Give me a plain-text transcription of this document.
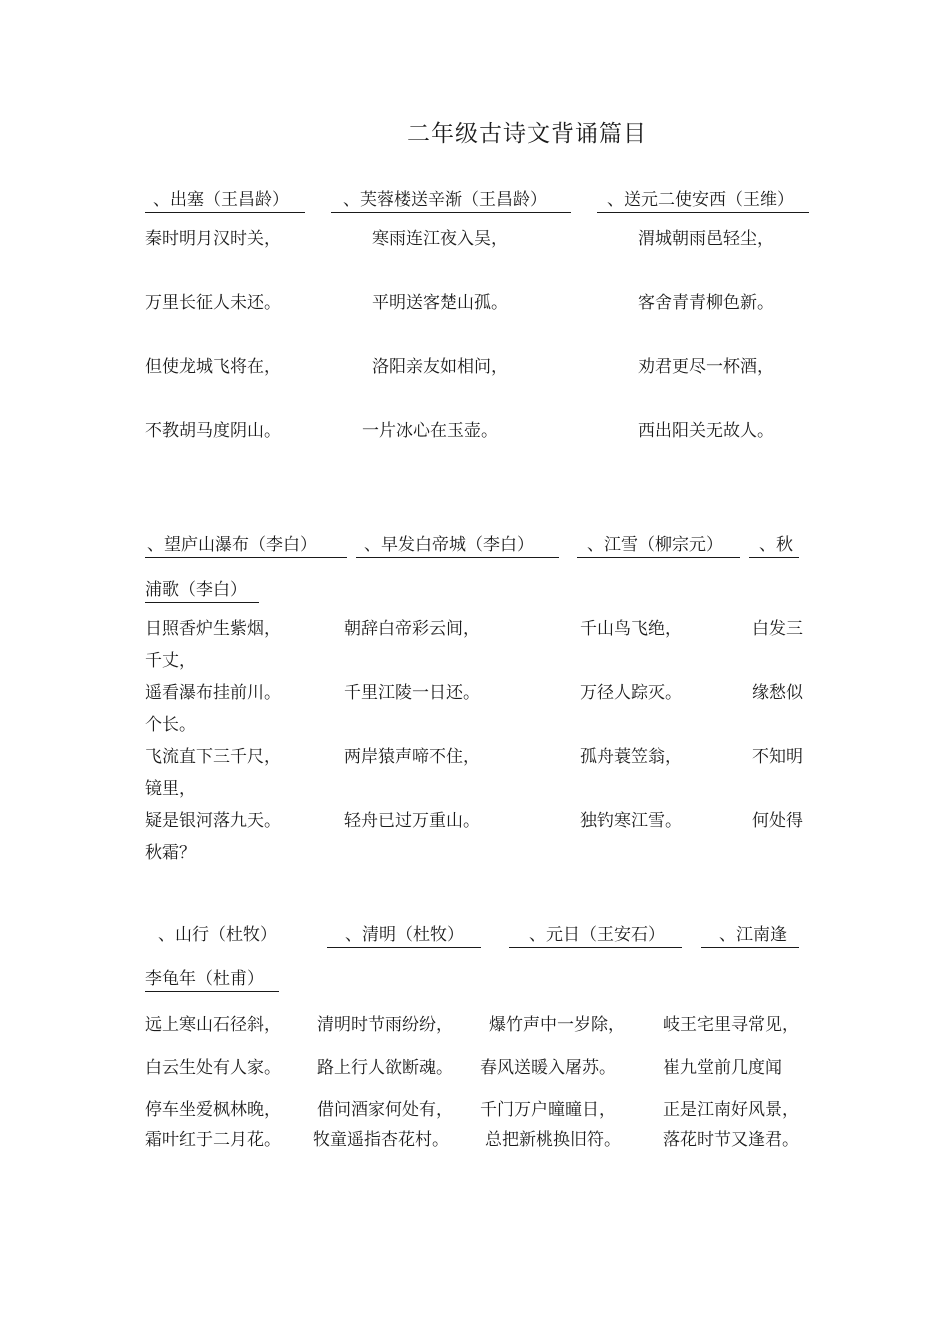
二年级古诗文背诵篇目
、出塞（王昌龄）	、芙蓉楼送辛渐（王昌龄）	、送元二使安西（王维）
秦时明月汉时关，	寒雨连江夜入吴，	渭城朝雨邑轻尘，
万里长征人未还。	平明送客楚山孤。	客舍青青柳色新。
但使龙城飞将在，	洛阳亲友如相问，	劝君更尽一杯酒，
不教胡马度阴山。	一片冰心在玉壶。	西出阳关无故人。
、望庐山瀑布（李白）	、早发白帝城（李白）	、江雪（柳宗元）	、秋
浦歌（李白）
日照香炉生紫烟，	朝辞白帝彩云间，	千山鸟飞绝，	白发三
千丈，
遥看瀑布挂前川。	千里江陵一日还。	万径人踪灭。	缘愁似
个长。
飞流直下三千尺，	两岸猿声啼不住，	孤舟蓑笠翁，	不知明
镜里，
疑是银河落九天。	轻舟已过万重山。	独钓寒江雪。	何处得
秋霜？
、山行（杜牧）	、清明（杜牧）	、元日（王安石）	、江南逢
李龟年（杜甫）
远上寒山石径斜， 清明时节雨纷纷， 爆竹声中一岁除， 岐王宅里寻常见，
白云生处有人家。 路上行人欲断魂。 春风送暖入屠苏。	崔九堂前几度闻
停车坐爱枫林晚， 借问酒家何处有， 千门万户曈曈日，	正是江南好风景，
霜叶红于二月花。 牧童遥指杏花村。 总把新桃换旧符。 落花时节又逢君。
